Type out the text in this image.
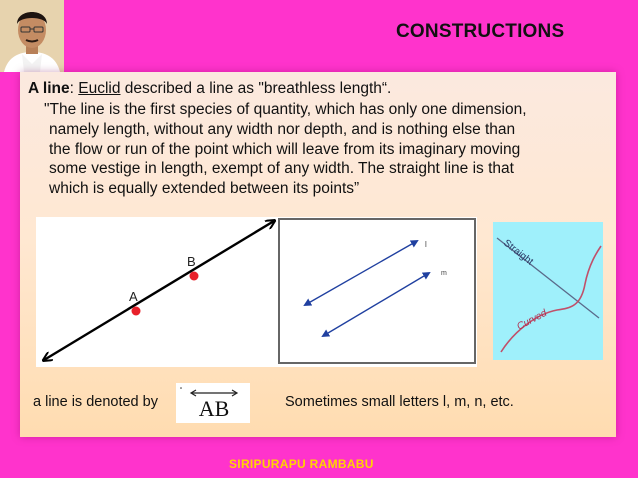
CONSTRUCTIONS
A line: Euclid described a line as "breathless length“.
"The line is the first species of quantity, which has only one dimension,
namely length, without any width nor depth, and is nothing else than
the flow or run of the point which will leave from its imaginary moving
some vestige in length, exempt of any width. The straight line is that
which is equally extended between its points”
A
B
l
m
Straight
Curved
a line is denoted by AB	Sometimes small letters l, m, n, etc.
SIRIPURAPU RAMBABU
